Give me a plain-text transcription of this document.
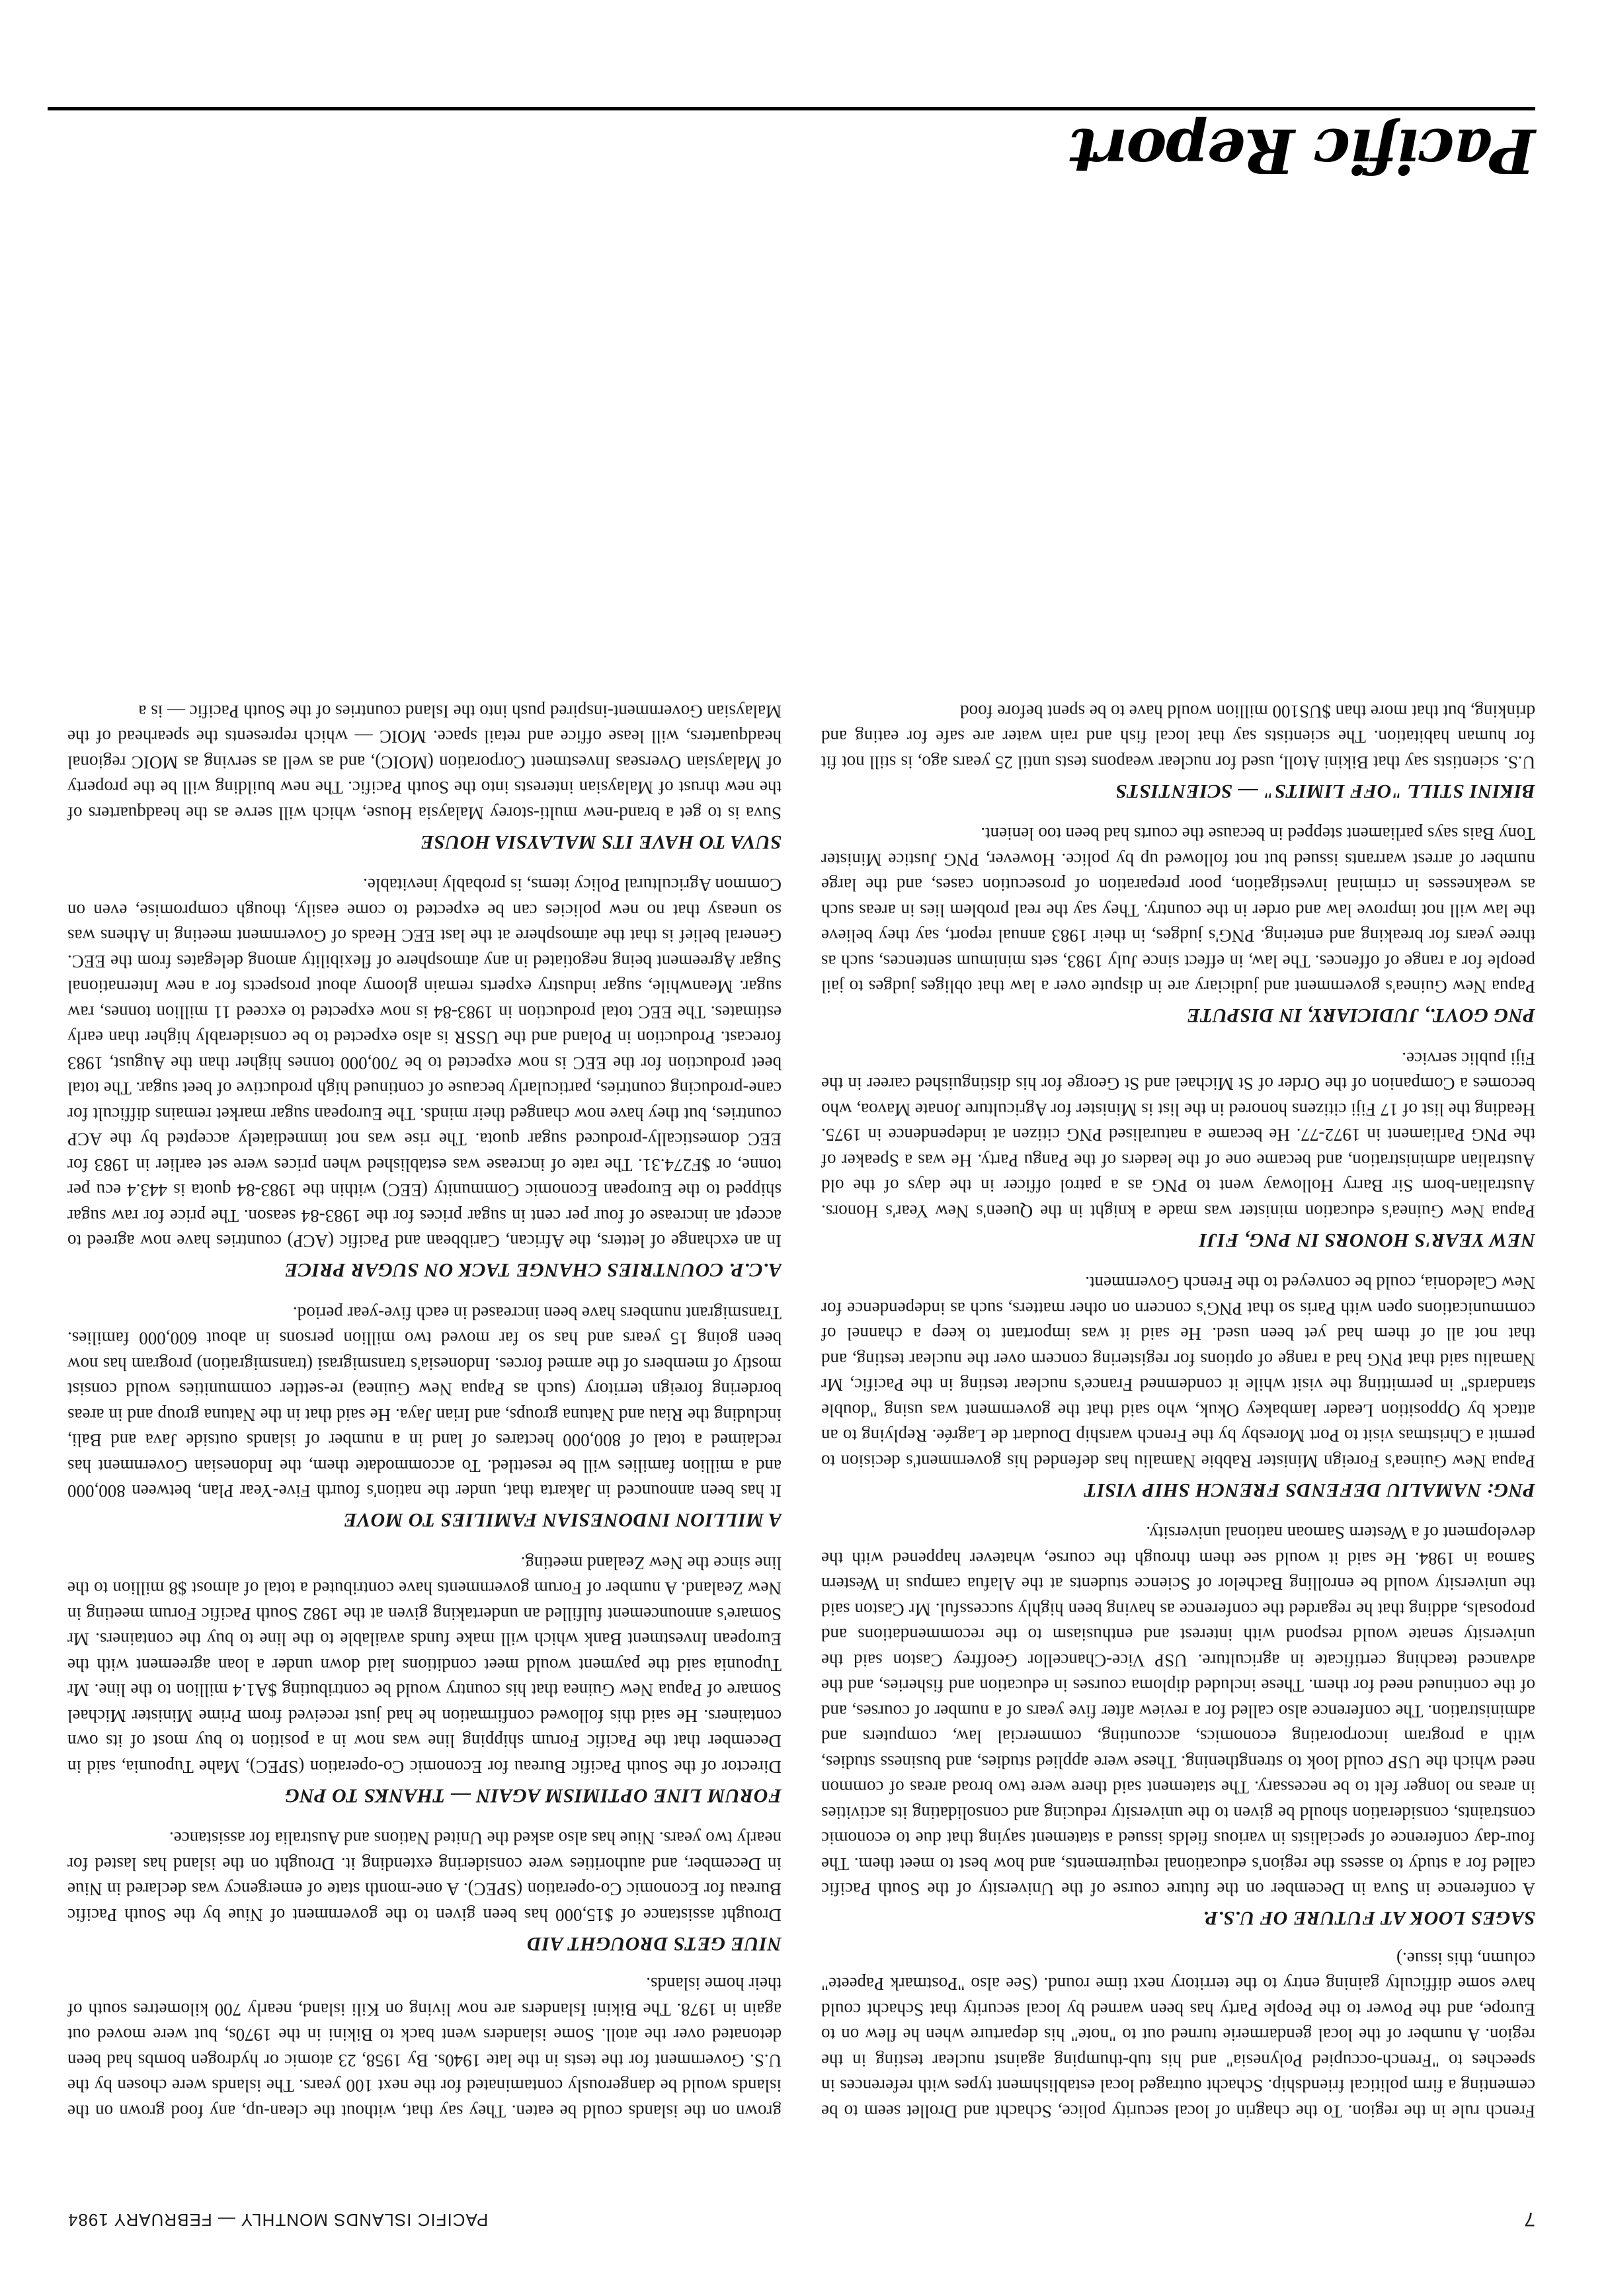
Pacific Report

French rule in the region. To the chagrin of local security police, Schacht and Drollet seem to be cementing a firm political friendship. Schacht outraged local establishment types with references in speeches to "French-occupied Polynesia" and his tub-thumping against nuclear testing in the region. A number of the local gendarmerie turned out to "note" his departure when he flew on to Europe, and the Power to the People Party has been warned by local security that Schacht could have some difficulty gaining entry to the territory next time round. (See also "Postmark Papeete" column, this issue.)

SAGES LOOK AT FUTURE OF U.S.P.

A conference in Suva in December on the future course of the University of the South Pacific called for a study to assess the region's educational requirements, and how best to meet them. The four-day conference of specialists in various fields issued a statement saying that due to economic constraints, consideration should be given to the university reducing and consolidating its activities in areas no longer felt to be necessary. The statement said there were two broad areas of common need which the USP could look to strengthening. These were applied studies, and business studies, with a program incorporating economics, accounting, commercial law, computers and administration. The conference also called for a review after five years of a number of courses, and of the continued need for them. These included diploma courses in education and fisheries, and the advanced teaching certificate in agriculture. USP Vice-Chancellor Geoffrey Caston said the university senate would respond with interest and enthusiasm to the recommendations and proposals, adding that he regarded the conference as having been highly successful. Mr Caston said the university would be enrolling Bachelor of Science students at the Alafua campus in Western Samoa in 1984. He said it would see them through the course, whatever happened with the development of a Western Samoan national university.

PNG: NAMALIU DEFENDS FRENCH SHIP VISIT

Papua New Guinea's Foreign Minister Rabbie Namaliu has defended his government's decision to permit a Christmas visit to Port Moresby by the French warship Doudart de Lagrée. Replying to an attack by Opposition Leader Iambakey Okuk, who said that the government was using "double standards" in permitting the visit while it condemned France's nuclear testing in the Pacific, Mr Namaliu said that PNG had a range of options for registering concern over the nuclear testing, and that not all of them had yet been used. He said it was important to keep a channel of communications open with Paris so that PNG's concern on other matters, such as independence for New Caledonia, could be conveyed to the French Government.

NEW YEAR'S HONORS IN PNG, FIJI

Papua New Guinea's education minister was made a knight in the Queen's New Year's Honors. Australian-born Sir Barry Holloway went to PNG as a patrol officer in the days of the old Australian administration, and became one of the leaders of the Pangu Party. He was a Speaker of the PNG Parliament in 1972-77. He became a naturalised PNG citizen at independence in 1975. Heading the list of 17 Fiji citizens honored in the list is Minister for Agriculture Jonate Mavoa, who becomes a Companion of the Order of St Michael and St George for his distinguished career in the Fiji public service.

PNG GOVT., JUDICIARY, IN DISPUTE

Papua New Guinea's government and judiciary are in dispute over a law that obliges judges to jail people for a range of offences. The law, in effect since July 1983, sets minimum sentences, such as three years for breaking and entering. PNG's judges, in their 1983 annual report, say they believe the law will not improve law and order in the country. They say the real problem lies in areas such as weaknesses in criminal investigation, poor preparation of prosecution cases, and the large number of arrest warrants issued but not followed up by police. However, PNG Justice Minister Tony Bais says parliament stepped in because the courts had been too lenient.

BIKINI STILL "OFF LIMITS" — SCIENTISTS

U.S. scientists say that Bikini Atoll, used for nuclear weapons tests until 25 years ago, is still not fit for human habitation. The scientists say that local fish and rain water are safe for eating and drinking, but that more than $US100 million would have to be spent before food

grown on the islands could be eaten. They say that, without the clean-up, any food grown on the islands would be dangerously contaminated for the next 100 years. The islands were chosen by the U.S. Government for the tests in the late 1940s. By 1958, 23 atomic or hydrogen bombs had been detonated over the atoll. Some islanders went back to Bikini in the 1970s, but were moved out again in 1978. The Bikini Islanders are now living on Kili island, nearly 700 kilometres south of their home islands.

NIUE GETS DROUGHT AID

Drought assistance of $15,000 has been given to the government of Niue by the South Pacific Bureau for Economic Co-operation (SPEC). A one-month state of emergency was declared in Niue in December, and authorities were considering extending it. Drought on the island has lasted for nearly two years. Niue has also asked the United Nations and Australia for assistance.

FORUM LINE OPTIMISM AGAIN — THANKS TO PNG

Director of the South Pacific Bureau for Economic Co-operation (SPEC), Mahe Tupounia, said in December that the Pacific Forum shipping line was now in a position to buy most of its own containers. He said this followed confirmation he had just received from Prime Minister Michael Somare of Papua New Guinea that his country would be contributing $A1.4 million to the line. Mr Tupounia said the payment would meet conditions laid down under a loan agreement with the European Investment Bank which will make funds available to the line to buy the containers. Mr Somare's announcement fulfilled an undertaking given at the 1982 South Pacific Forum meeting in New Zealand. A number of Forum governments have contributed a total of almost $8 million to the line since the New Zealand meeting.

A MILLION INDONESIAN FAMILIES TO MOVE

It has been announced in Jakarta that, under the nation's fourth Five-Year Plan, between 800,000 and a million families will be resettled. To accommodate them, the Indonesian Government has reclaimed a total of 800,000 hectares of land in a number of islands outside Java and Bali, including the Riau and Natuna groups, and Irian Jaya. He said that in the Natuna group and in areas bordering foreign territory (such as Papua New Guinea) re-settler communities would consist mostly of members of the armed forces. Indonesia's transmigrasi (transmigration) program has now been going 15 years and has so far moved two million persons in about 600,000 families. Transmigrant numbers have been increased in each five-year period.

A.C.P. COUNTRIES CHANGE TACK ON SUGAR PRICE

In an exchange of letters, the African, Caribbean and Pacific (ACP) countries have now agreed to accept an increase of four per cent in sugar prices for the 1983-84 season. The price for raw sugar shipped to the European Economic Community (EEC) within the 1983-84 quota is 443.4 ecu per tonne, or $F274.31. The rate of increase was established when prices were set earlier in 1983 for EEC domestically-produced sugar quota. The rise was not immediately accepted by the ACP countries, but they have now changed their minds. The European sugar market remains difficult for cane-producing countries, particularly because of continued high productive of beet sugar. The total beet production for the EEC is now expected to be 700,000 tonnes higher than the August, 1983 forecast. Production in Poland and the USSR is also expected to be considerably higher than early estimates. The EEC total production in 1983-84 is now expected to exceed 11 million tonnes, raw sugar. Meanwhile, sugar industry experts remain gloomy about prospects for a new International Sugar Agreement being negotiated in any atmosphere of flexibility among delegates from the EEC. General belief is that the atmosphere at the last EEC Heads of Government meeting in Athens was so uneasy that no new policies can be expected to come easily, though compromise, even on Common Agricultural Policy items, is probably inevitable.

SUVA TO HAVE ITS MALAYSIA HOUSE

Suva is to get a brand-new multi-storey Malaysia House, which will serve as the headquarters of the new thrust of Malaysian interests into the South Pacific. The new building will be the property of Malaysian Overseas Investment Corporation (MOIC), and as well as serving as MOIC regional headquarters, will lease office and retail space. MOIC — which represents the spearhead of the Malaysian Government-inspired push into the Island countries of the South Pacific — is a

7
PACIFIC ISLANDS MONTHLY — FEBRUARY 1984
